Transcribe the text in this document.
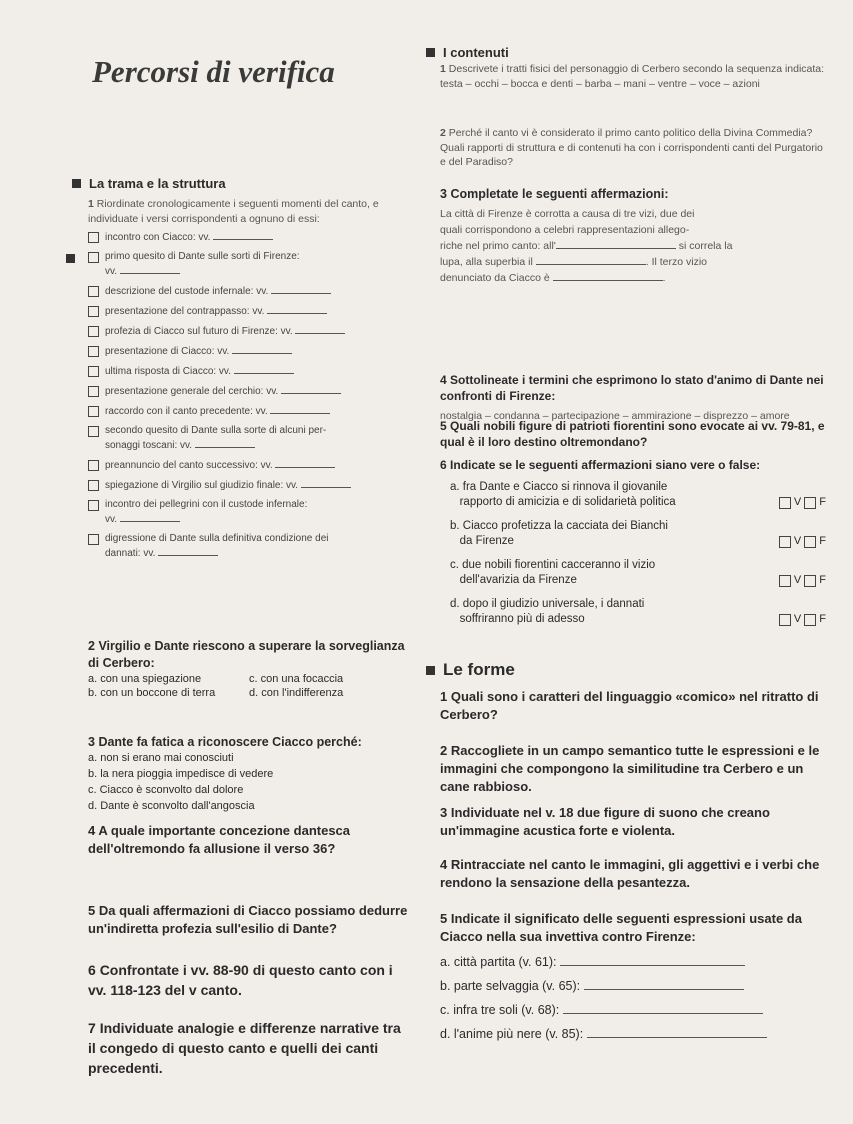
Percorsi di verifica
La trama e la struttura

1 Riordinate cronologicamente i seguenti momenti del canto, e individuate i versi corrispondenti a ognuno di essi:

incontro con Ciacco: vv.
primo quesito di Dante sulle sorti di Firenze:
vv.
descrizione del custode infernale: vv.
presentazione del contrappasso: vv.
profezia di Ciacco sul futuro di Firenze: vv.
presentazione di Ciacco: vv.
ultima risposta di Ciacco: vv.
presentazione generale del cerchio: vv.
raccordo con il canto precedente: vv.
secondo quesito di Dante sulla sorte di alcuni per-
sonaggi toscani: vv.
preannuncio del canto successivo: vv.
spiegazione di Virgilio sul giudizio finale: vv.
incontro dei pellegrini con il custode infernale:
vv.
digressione di Dante sulla definitiva condizione dei
dannati: vv.

2 Virgilio e Dante riescono a superare la sorveglianza di Cerbero:

a. con una spiegazione	c. con una focaccia
b. con un boccone di terra	d. con l'indifferenza

3 Dante fa fatica a riconoscere Ciacco perché:

a. non si erano mai conosciuti
b. la nera pioggia impedisce di vedere
c. Ciacco è sconvolto dal dolore
d. Dante è sconvolto dall'angoscia
4 A quale importante concezione dantesca dell'oltremondo fa allusione il verso 36?
5 Da quali affermazioni di Ciacco possiamo dedurre un'indiretta profezia sull'esilio di Dante?
6 Confrontate i vv. 88-90 di questo canto con i vv. 118-123 del v canto.
7 Individuate analogie e differenze narrative tra il congedo di questo canto e quelli dei canti precedenti.
I contenuti

1 Descrivete i tratti fisici del personaggio di Cerbero secondo la sequenza indicata:

testa – occhi – bocca e denti – barba – mani – ventre – voce – azioni

2 Perché il canto vi è considerato il primo canto politico della Divina Commedia? Quali rapporti di struttura e di contenuti ha con i corrispondenti canti del Purgatorio e del Paradiso?

3 Completate le seguenti affermazioni:

La città di Firenze è corrotta a causa di tre vizi, due dei
quali corrispondono a celebri rappresentazioni allego-
riche nel primo canto: all'	si correla la
lupa, alla superbia il	. Il terzo vizio
denunciato da Ciacco è	.

4 Sottolineate i termini che esprimono lo stato d'animo di Dante nei confronti di Firenze:

nostalgia – condanna – partecipazione – ammirazione – disprezzo – amore

5 Quali nobili figure di patrioti fiorentini sono evocate ai vv. 79-81, e qual è il loro destino oltremondano?

6 Indicate se le seguenti affermazioni siano vere o false:

a. fra Dante e Ciacco si rinnova il giovanile
rapporto di amicizia e di solidarietà politica	V F
b. Ciacco profetizza la cacciata dei Bianchi
da Firenze	V F
c. due nobili fiorentini cacceranno il vizio
dell'avarizia da Firenze	V F
d. dopo il giudizio universale, i dannati
soffriranno più di adesso	V F
Le forme
1 Quali sono i caratteri del linguaggio «comico» nel ritratto di Cerbero?
2 Raccogliete in un campo semantico tutte le espressioni e le immagini che compongono la similitudine tra Cerbero e un cane rabbioso.
3 Individuate nel v. 18 due figure di suono che creano un'immagine acustica forte e violenta.
4 Rintracciate nel canto le immagini, gli aggettivi e i verbi che rendono la sensazione della pesantezza.

5 Indicate il significato delle seguenti espressioni usate da Ciacco nella sua invettiva contro Firenze:

a. città partita (v. 61):
b. parte selvaggia (v. 65):
c. infra tre soli (v. 68):
d. l'anime più nere (v. 85):
